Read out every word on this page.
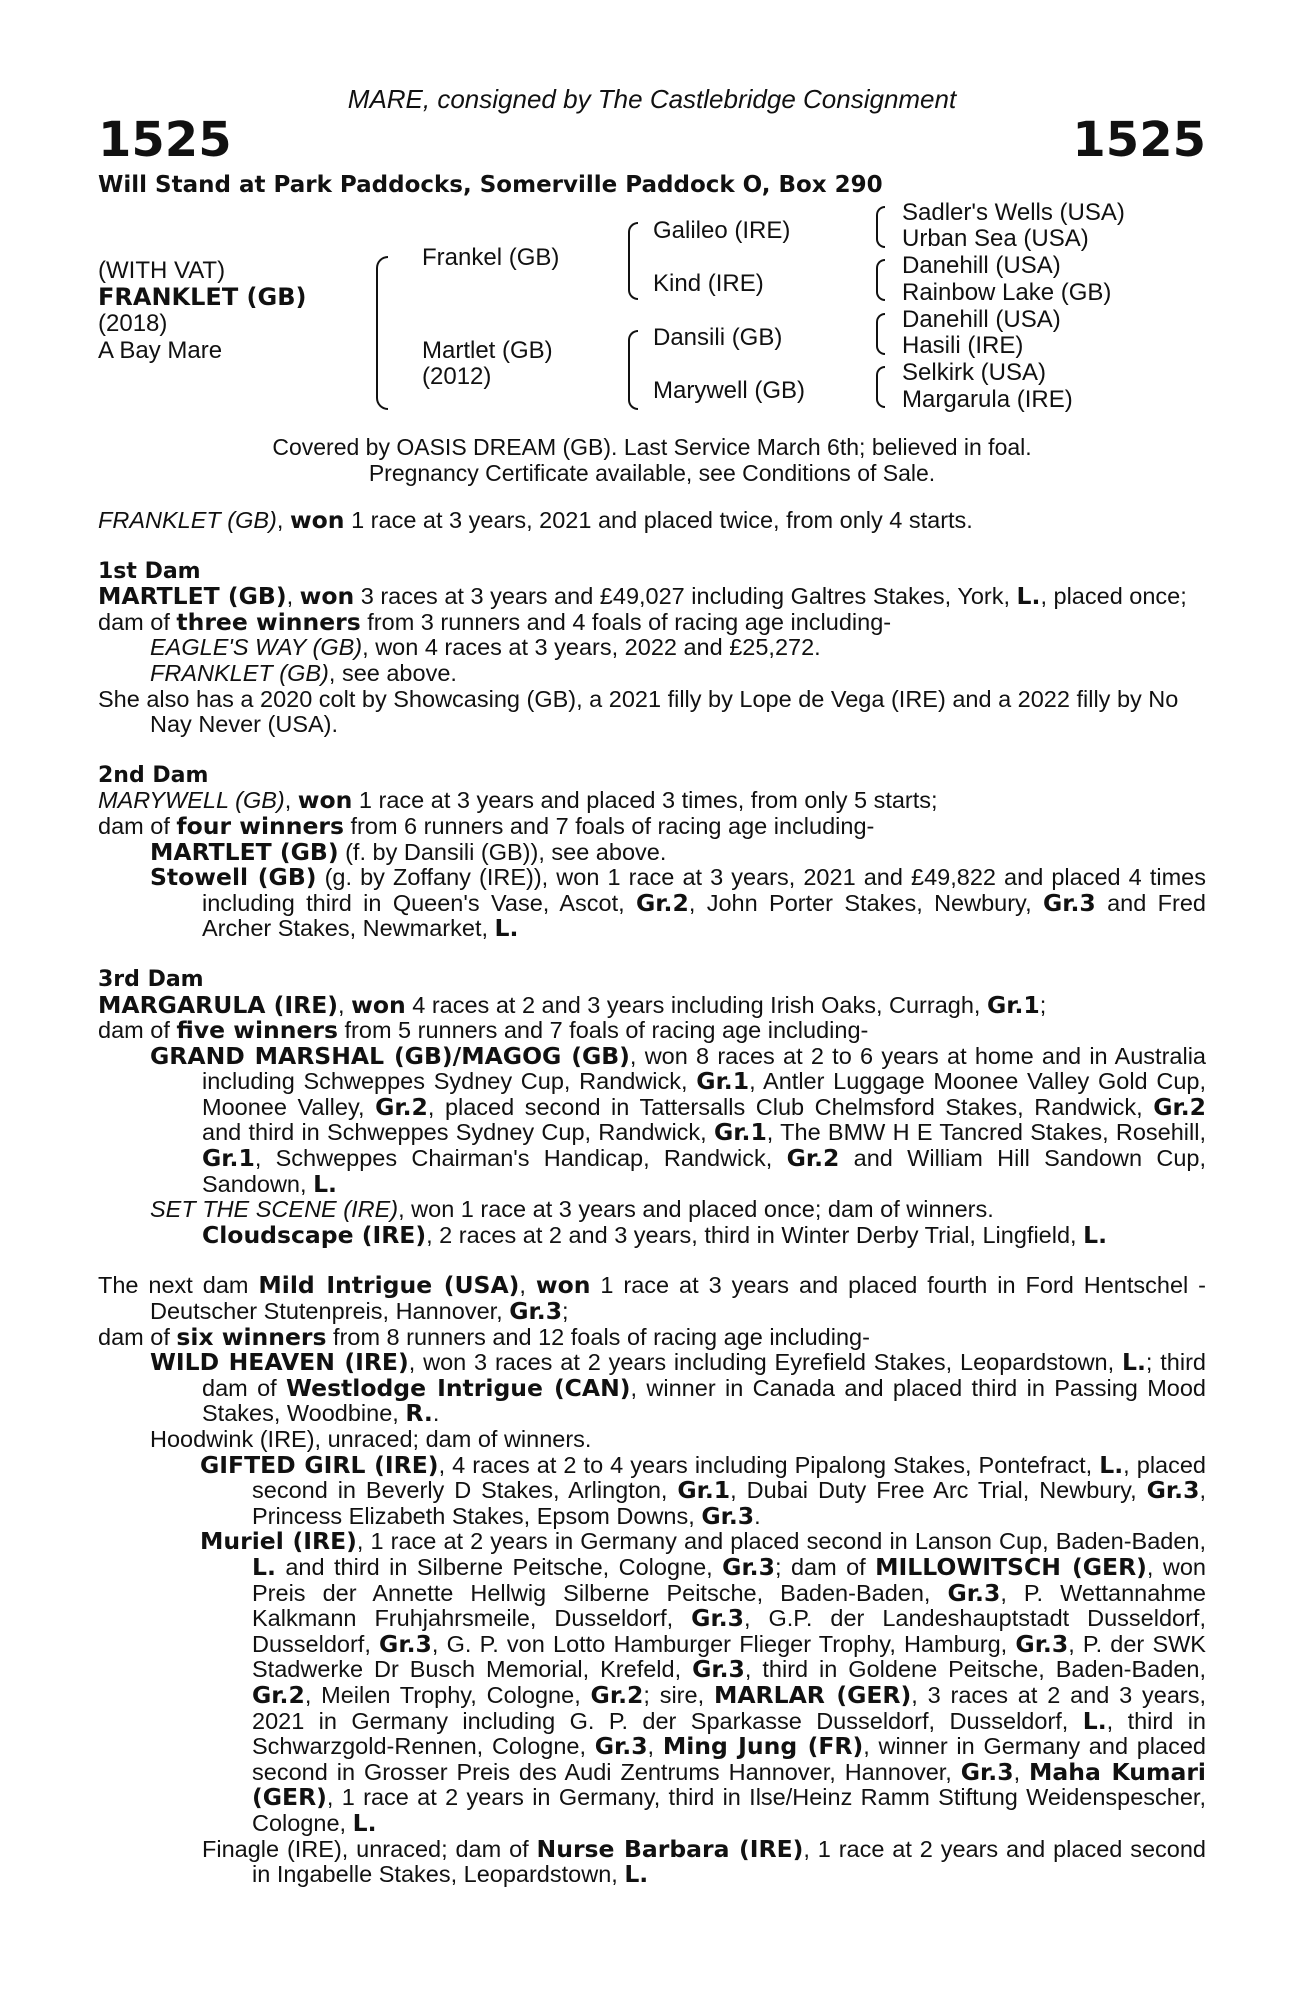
MARE, consigned by The Castlebridge Consignment
1525	1525
Will Stand at Park Paddocks, Somerville Paddock O, Box 290
(WITH VAT)
FRANKLET (GB)
(2018)
A Bay Mare
Frankel (GB)
Martlet (GB)
(2012)
Galileo (IRE)
Kind (IRE)
Dansili (GB)
Marywell (GB)
Sadler's Wells (USA)
Urban Sea (USA)
Danehill (USA)
Rainbow Lake (GB)
Danehill (USA)
Hasili (IRE)
Selkirk (USA)
Margarula (IRE)
Covered by OASIS DREAM (GB). Last Service March 6th; believed in foal.
Pregnancy Certificate available, see Conditions of Sale.

FRANKLET (GB), won 1 race at 3 years, 2021 and placed twice, from only 4 starts.

1st Dam

MARTLET (GB), won 3 races at 3 years and £49,027 including Galtres Stakes, York, L., placed once;

dam of three winners from 3 runners and 4 foals of racing age including-

EAGLE'S WAY (GB), won 4 races at 3 years, 2022 and £25,272.

FRANKLET (GB), see above.

She also has a 2020 colt by Showcasing (GB), a 2021 filly by Lope de Vega (IRE) and a 2022 filly by No Nay Never (USA).

2nd Dam

MARYWELL (GB), won 1 race at 3 years and placed 3 times, from only 5 starts;

dam of four winners from 6 runners and 7 foals of racing age including-

MARTLET (GB) (f. by Dansili (GB)), see above.

Stowell (GB) (g. by Zoffany (IRE)), won 1 race at 3 years, 2021 and £49,822 and placed 4 times including third in Queen's Vase, Ascot, Gr.2, John Porter Stakes, Newbury, Gr.3 and Fred Archer Stakes, Newmarket, L.

3rd Dam

MARGARULA (IRE), won 4 races at 2 and 3 years including Irish Oaks, Curragh, Gr.1;

dam of five winners from 5 runners and 7 foals of racing age including-

GRAND MARSHAL (GB)/MAGOG (GB), won 8 races at 2 to 6 years at home and in Australia including Schweppes Sydney Cup, Randwick, Gr.1, Antler Luggage Moonee Valley Gold Cup, Moonee Valley, Gr.2, placed second in Tattersalls Club Chelmsford Stakes, Randwick, Gr.2 and third in Schweppes Sydney Cup, Randwick, Gr.1, The BMW H E Tancred Stakes, Rosehill, Gr.1, Schweppes Chairman's Handicap, Randwick, Gr.2 and William Hill Sandown Cup, Sandown, L.

SET THE SCENE (IRE), won 1 race at 3 years and placed once; dam of winners.

Cloudscape (IRE), 2 races at 2 and 3 years, third in Winter Derby Trial, Lingfield, L.

The next dam Mild Intrigue (USA), won 1 race at 3 years and placed fourth in Ford Hentschel - Deutscher Stutenpreis, Hannover, Gr.3;

dam of six winners from 8 runners and 12 foals of racing age including-

WILD HEAVEN (IRE), won 3 races at 2 years including Eyrefield Stakes, Leopardstown, L.; third dam of Westlodge Intrigue (CAN), winner in Canada and placed third in Passing Mood Stakes, Woodbine, R..

Hoodwink (IRE), unraced; dam of winners.

GIFTED GIRL (IRE), 4 races at 2 to 4 years including Pipalong Stakes, Pontefract, L., placed second in Beverly D Stakes, Arlington, Gr.1, Dubai Duty Free Arc Trial, Newbury, Gr.3, Princess Elizabeth Stakes, Epsom Downs, Gr.3.

Muriel (IRE), 1 race at 2 years in Germany and placed second in Lanson Cup, Baden-Baden, L. and third in Silberne Peitsche, Cologne, Gr.3; dam of MILLOWITSCH (GER), won Preis der Annette Hellwig Silberne Peitsche, Baden-Baden, Gr.3, P. Wettannahme Kalkmann Fruhjahrsmeile, Dusseldorf, Gr.3, G.P. der Landeshauptstadt Dusseldorf, Dusseldorf, Gr.3, G. P. von Lotto Hamburger Flieger Trophy, Hamburg, Gr.3, P. der SWK Stadwerke Dr Busch Memorial, Krefeld, Gr.3, third in Goldene Peitsche, Baden-Baden, Gr.2, Meilen Trophy, Cologne, Gr.2; sire, MARLAR (GER), 3 races at 2 and 3 years, 2021 in Germany including G. P. der Sparkasse Dusseldorf, Dusseldorf, L., third in Schwarzgold-Rennen, Cologne, Gr.3, Ming Jung (FR), winner in Germany and placed second in Grosser Preis des Audi Zentrums Hannover, Hannover, Gr.3, Maha Kumari (GER), 1 race at 2 years in Germany, third in Ilse/Heinz Ramm Stiftung Weidenspescher, Cologne, L.

Finagle (IRE), unraced; dam of Nurse Barbara (IRE), 1 race at 2 years and placed second in Ingabelle Stakes, Leopardstown, L.
